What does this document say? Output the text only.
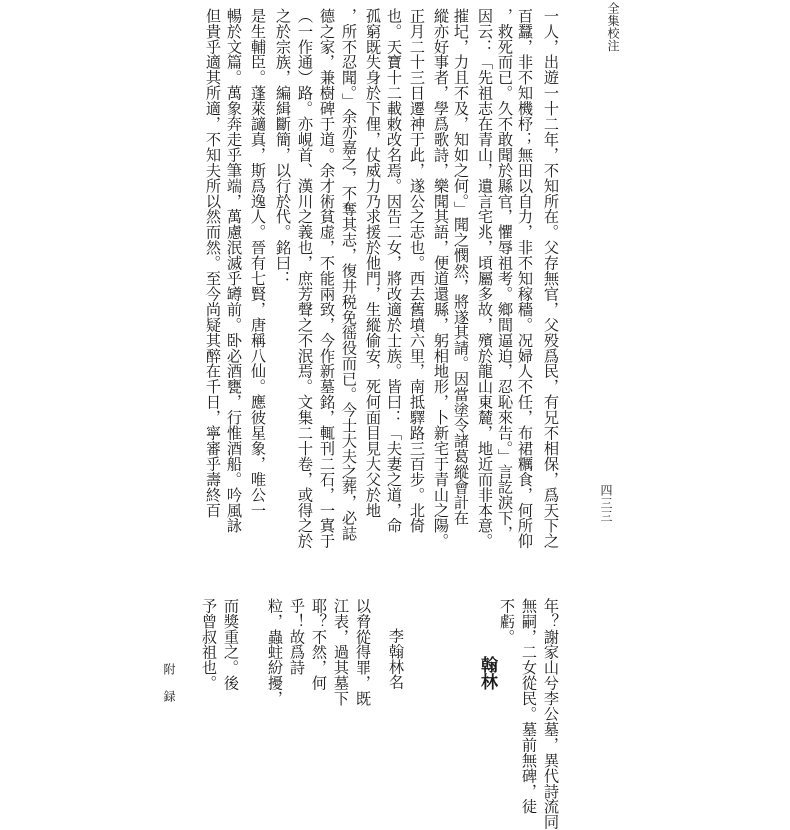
全集校注
四三三
一人，出遊一十二年，不知所在。父存無官，父殁爲民，有兄不相保，爲天下之
百蠶，非不知機杼；無田以自力，非不知稼穡。况婦人不任，布裙糲食，何所仰
，救死而已。久不敢聞於縣官，懼辱祖考。鄉間逼迫，忍恥來告。」言訖淚下，
因云：「先祖志在青山，遺言宅兆，頃屬多故，殯於龍山東麓，地近而非本意。
摧圮，力且不及，知如之何。」聞之憫然，將遂其請。因當塗令諸葛縱會計在
縱亦好事者，學爲歌詩，樂聞其語，便道還縣，躬相地形，卜新宅于青山之陽。
正月二十三日遷神于此，遂公之志也。西去舊墳六里，南抵驛路三百步。北倚
也。天寶十二載敕改名焉。因告二女，將改適於士族。皆曰：「夫妻之道，命
孤窮既失身於下俚，仗威力乃求援於他門，生縱偷安，死何面目見大父於地
，所不忍聞。」余亦嘉之，不奪其志，復井税免徭役而已。今士大夫之葬，必誌
德之家，兼樹碑于道。余才術貧虚，不能兩致，今作新墓銘，輒刊二石，一寘于
（一作通）路。亦峴首、漢川之義也，庶芳聲之不泯焉。文集二十卷，或得之於
之於宗族，編緝斷簡，以行於代。銘曰：
是生輔臣。蓬萊讁真，斯爲逸人。晉有七賢，唐稱八仙。應彼星象，唯公一
暢於文篇。萬象奔走乎筆端，萬慮泯滅乎罇前。卧必酒甕，行惟酒船。吟風詠
但貴乎適其所適，不知夫所以然而然。至今尚疑其醉在千日，寧審乎壽終百
年？謝家山兮李公墓，異代詩流同
無嗣，二女從民。墓前無碑，徒
不虧。
翰林
李翰林名
以脅從得罪，既
江表，過其墓下
耶？不然，何
乎！故爲詩
粒，蟲蛀紛擾，
而獎重之。後
予曾叔祖也。
附
録
